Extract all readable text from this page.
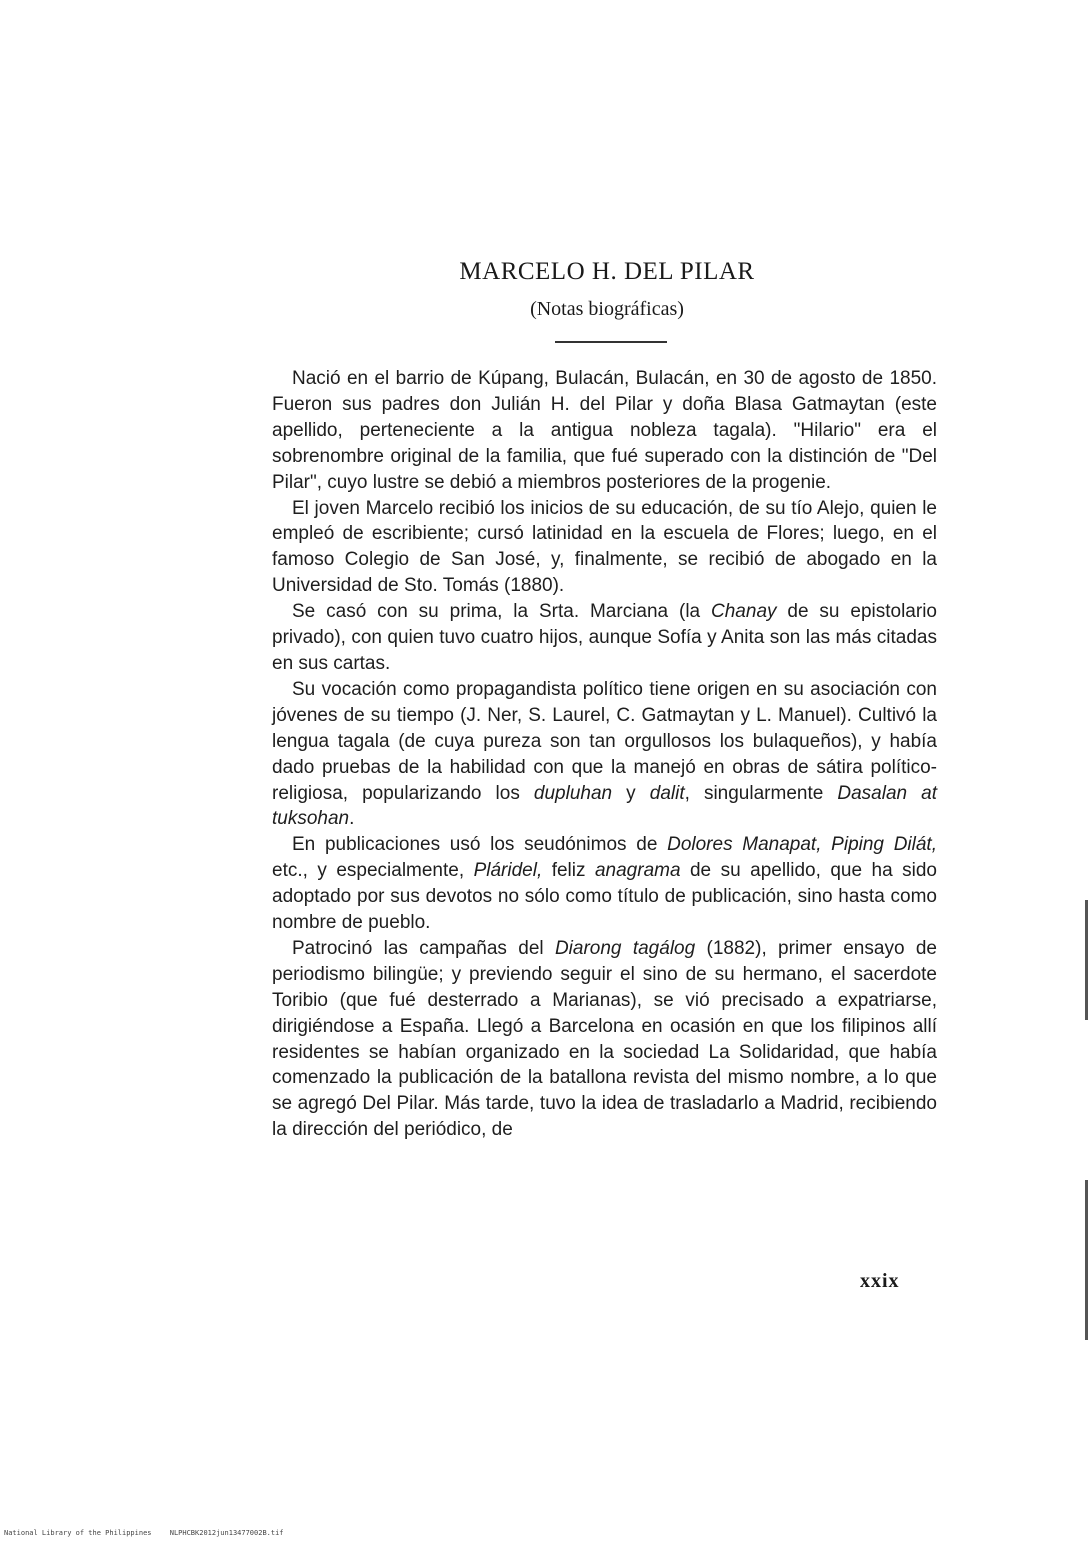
MARCELO H. DEL PILAR
(Notas biográficas)

Nació en el barrio de Kúpang, Bulacán, Bulacán, en 30 de agosto de 1850. Fueron sus padres don Julián H. del Pilar y doña Blasa Gatmaytan (este apellido, perteneciente a la antigua nobleza tagala). "Hilario" era el sobrenombre original de la familia, que fué superado con la distinción de "Del Pilar", cuyo lustre se debió a miembros posteriores de la progenie.

El joven Marcelo recibió los inicios de su educación, de su tío Alejo, quien le empleó de escribiente; cursó latinidad en la escuela de Flores; luego, en el famoso Colegio de San José, y, finalmente, se recibió de abogado en la Universidad de Sto. Tomás (1880).

Se casó con su prima, la Srta. Marciana (la Chanay de su epistolario privado), con quien tuvo cuatro hijos, aunque Sofía y Anita son las más citadas en sus cartas.

Su vocación como propagandista político tiene origen en su asociación con jóvenes de su tiempo (J. Ner, S. Laurel, C. Gatmaytan y L. Manuel). Cultivó la lengua tagala (de cuya pureza son tan orgullosos los bulaqueños), y había dado pruebas de la habilidad con que la manejó en obras de sátira político-religiosa, popularizando los dupluhan y dalit, singularmente Dasalan at tuksohan.

En publicaciones usó los seudónimos de Dolores Manapat, Piping Dilát, etc., y especialmente, Pláridel, feliz anagrama de su apellido, que ha sido adoptado por sus devotos no sólo como título de publicación, sino hasta como nombre de pueblo.

Patrocinó las campañas del Diarong tagálog (1882), primer ensayo de periodismo bilingüe; y previendo seguir el sino de su hermano, el sacerdote Toribio (que fué desterrado a Marianas), se vió precisado a expatriarse, dirigiéndose a España. Llegó a Barcelona en ocasión en que los filipinos allí residentes se habían organizado en la sociedad La Solidaridad, que había comenzado la publicación de la batallona revista del mismo nombre, a lo que se agregó Del Pilar. Más tarde, tuvo la idea de trasladarlo a Madrid, recibiendo la dirección del periódico, de

xxix
National Library of the Philippines	NLPHCBK2012jun13477002B.tif
